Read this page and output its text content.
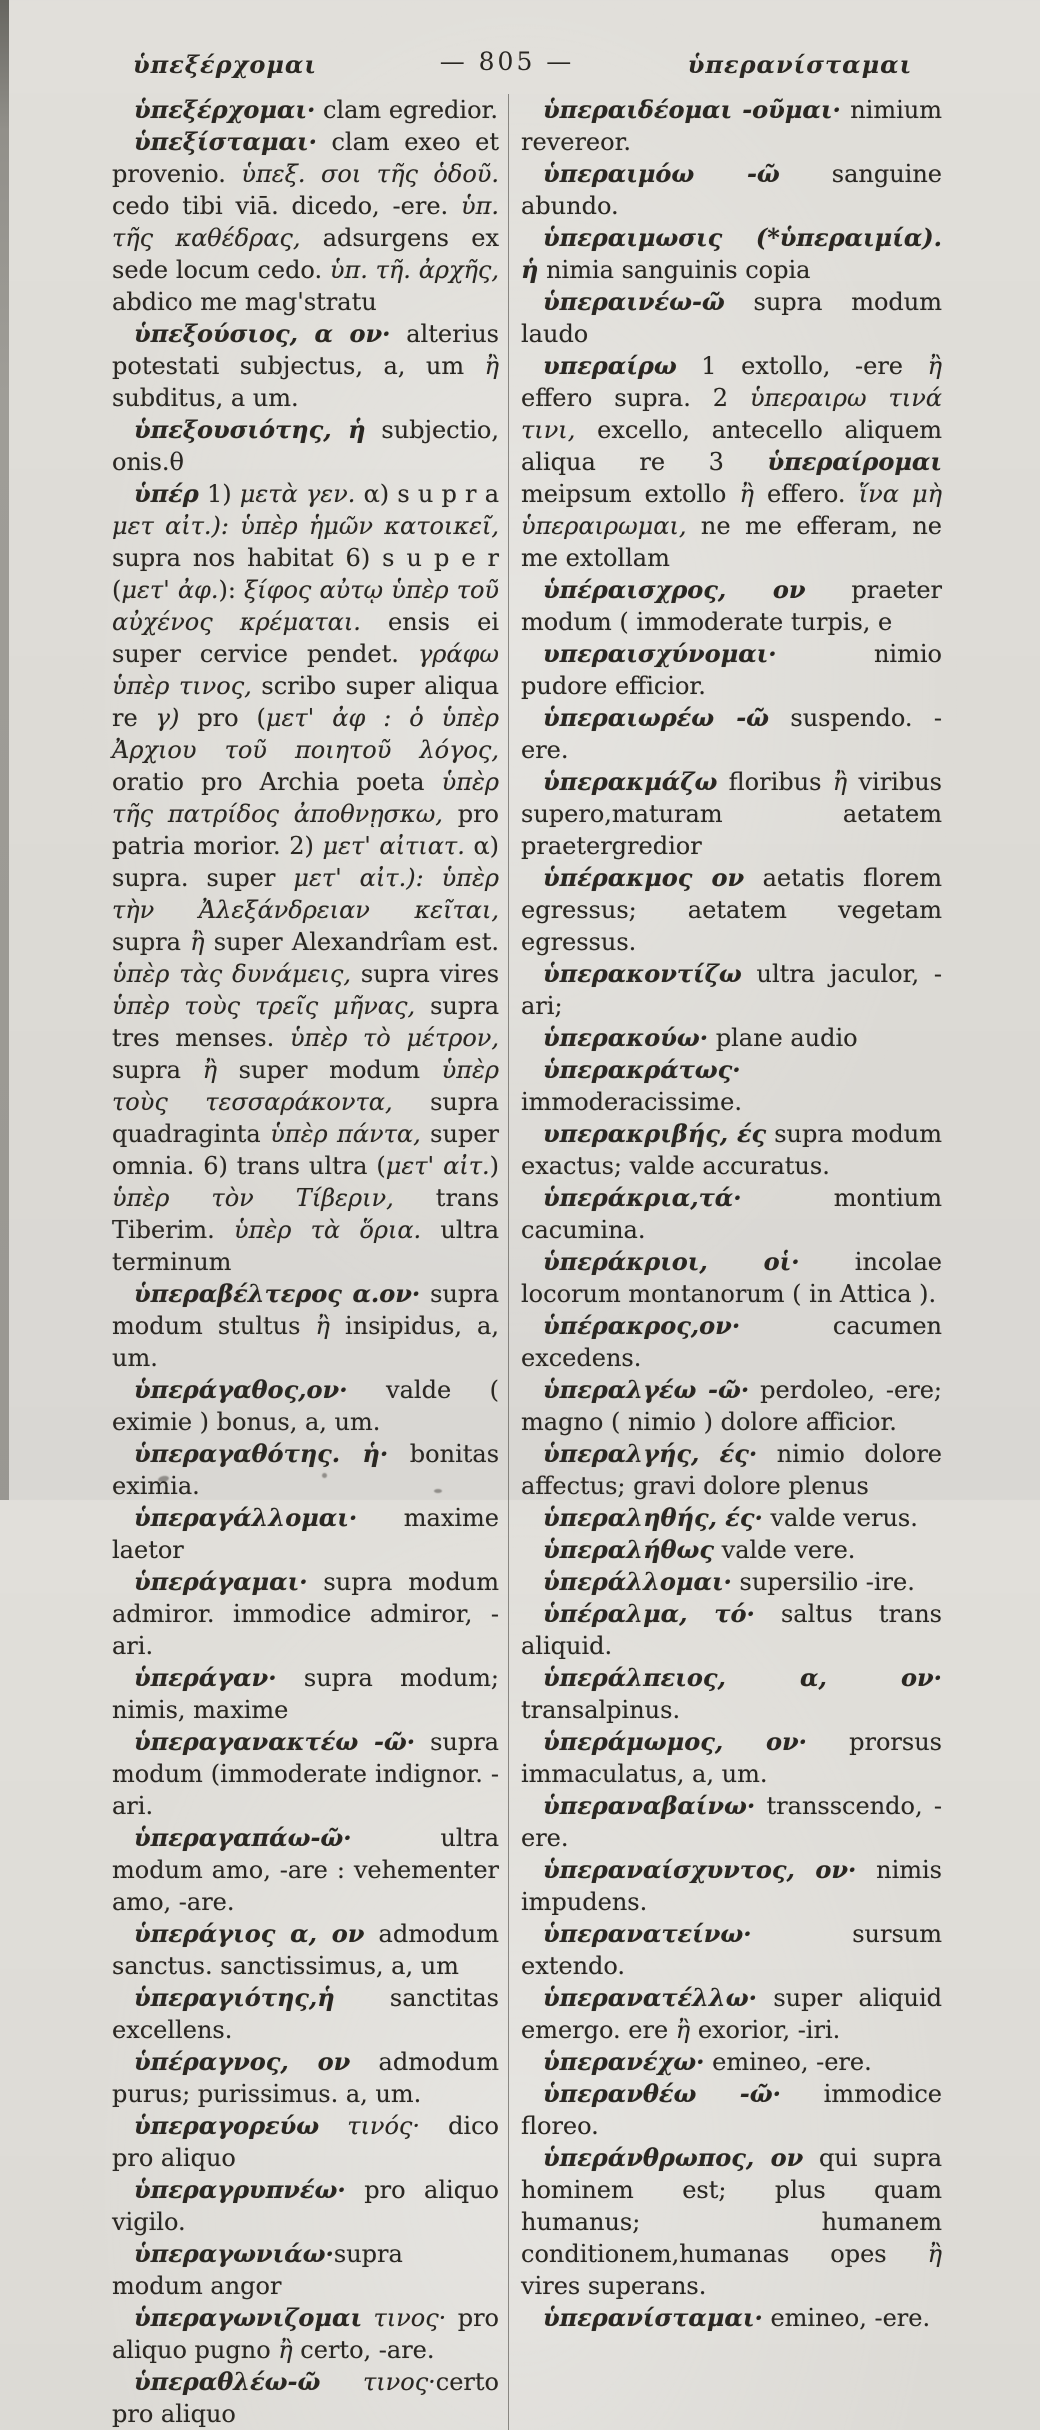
ὑπεξέρχομαι	— 805 —	ὑπερανίσταμαι

ὑπεξέρχομαι· clam egredior.

ὑπεξίσταμαι· clam exeo et provenio. ὑπεξ. σοι τῆς ὁδοῦ. cedo tibi viā. dicedo, -ere. ὑπ. τῆς καθέδρας, adsurgens ex sede locum cedo. ὑπ. τῆ. ἀρχῆς, abdico me mag'stratu

ὑπεξούσιος, α ον· alterius potestati subjectus, a, um ἢ subditus, a um.

ὑπεξουσιότης, ἡ subjectio, onis.θ

ὑπέρ 1) μετὰ γεν. α) s u p r a μετ αἰτ.): ὑπὲρ ἡμῶν κατοικεῖ, supra nos habitat 6) s u p e r (μετ' ἀφ.): ξίφος αὐτῳ ὑπὲρ τοῦ αὐχένος κρέμαται. ensis ei super cervice pendet. γράφω ὑπὲρ τινος, scribo super aliqua re γ) pro (μετ' ἀφ : ὁ ὑπὲρ Ἀρχιου τοῦ ποιητοῦ λόγος, oratio pro Archia poeta ὑπὲρ τῆς πατρίδος ἀποθνῃσκω, pro patria morior. 2) μετ' αἰτιατ. α) supra. super μετ' αἰτ.): ὑπὲρ τὴν Ἀλεξάνδρειαν κεῖται, supra ἢ super Alexandrîam est. ὑπὲρ τὰς δυνάμεις, supra vires ὑπὲρ τοὺς τρεῖς μῆνας, supra tres menses. ὑπὲρ τὸ μέτρον, supra ἢ super modum ὑπὲρ τοὺς τεσσαράκοντα, supra quadraginta ὑπὲρ πάντα, super omnia. 6) trans ultra (μετ' αἰτ.) ὑπὲρ τὸν Τίβεριν, trans Tiberim. ὑπὲρ τὰ ὅρια. ultra terminum

ὑπεραβέλτερος α.ον· supra modum stultus ἢ insipidus, a, um.

ὑπεράγαθος,ον· valde ( eximie ) bonus, a, um.

ὑπεραγαθότης. ἡ· bonitas eximia.

ὑπεραγάλλομαι· maxime laetor

ὑπεράγαμαι· supra modum admiror. immodice admiror, -ari.

ὑπεράγαν· supra modum; nimis, maxime

ὑπεραγανακτέω -ῶ· supra modum (immoderate indignor. -ari.

ὑπεραγαπάω-ῶ· ultra modum amo, -are : vehementer amo, -are.

ὑπεράγιος α, ον admodum sanctus. sanctissimus, a, um

ὑπεραγιότης,ἡ sanctitas excellens.

ὑπέραγνος, ον admodum purus; purissimus. a, um.

ὑπεραγορεύω τινός· dico pro aliquo

ὑπεραγρυπνέω· pro aliquo vigilo.

ὑπεραγωνιάω·supra modum angor

ὑπεραγωνιζομαι τινος· pro aliquo pugno ἢ certo, -are.

ὑπεραθλέω-ῶ τινος·certo pro aliquo

ὑπεραιδέομαι -οῦμαι· nimium revereor.

ὑπεραιμόω -ῶ sanguine abundo.

ὑπεραιμωσις (*ὑπεραιμία). ἡ nimia sanguinis copia

ὑπεραινέω-ῶ supra modum laudo

υπεραίρω 1 extollo, -ere ἢ effero supra. 2 ὑπεραιρω τινά τινι, excello, antecello aliquem aliqua re 3 ὑπεραίρομαι meipsum extollo ἢ effero. ἵνα μὴ ὑπεραιρωμαι, ne me efferam, ne me extollam

ὑπέραισχρος, ον praeter modum ( immoderate turpis, e

υπεραισχύνομαι· nimio pudore efficior.

ὑπεραιωρέω -ῶ suspendo. -ere.

ὑπερακμάζω floribus ἢ viribus supero,maturam aetatem praetergredior

ὑπέρακμος ον aetatis florem egressus; aetatem vegetam egressus.

ὑπερακοντίζω ultra jaculor, -ari;

ὑπερακούω· plane audio

ὑπερακράτως· immoderacissime.

υπερακριβής, ές supra modum exactus; valde accuratus.

ὑπεράκρια,τά· montium cacumina.

ὑπεράκριοι, οἱ· incolae locorum montanorum ( in Attica ).

ὑπέρακρος,ον· cacumen excedens.

ὑπεραλγέω -ῶ· perdoleo, -ere; magno ( nimio ) dolore afficior.

ὑπεραλγής, ές· nimio dolore affectus; gravi dolore plenus

ὑπεραληθής, ές· valde verus.

ὑπεραλήθως valde vere.

ὑπεράλλομαι· supersilio -ire.

ὑπέραλμα, τό· saltus trans aliquid.

ὑπεράλπειος, α, ον· transalpinus.

ὑπεράμωμος, ον· prorsus immaculatus, a, um.

ὑπεραναβαίνω· transscendo, -ere.

ὑπεραναίσχυντος, ον· nimis impudens.

ὑπερανατείνω· sursum extendo.

ὑπερανατέλλω· super aliquid emergo. ere ἢ exorior, -iri.

ὑπερανέχω· emineo, -ere.

ὑπερανθέω -ῶ· immodice floreo.

ὑπεράνθρωπος, ον qui supra hominem est; plus quam humanus; humanem conditionem,humanas opes ἢ vires superans.

ὑπερανίσταμαι· emineo, -ere.
